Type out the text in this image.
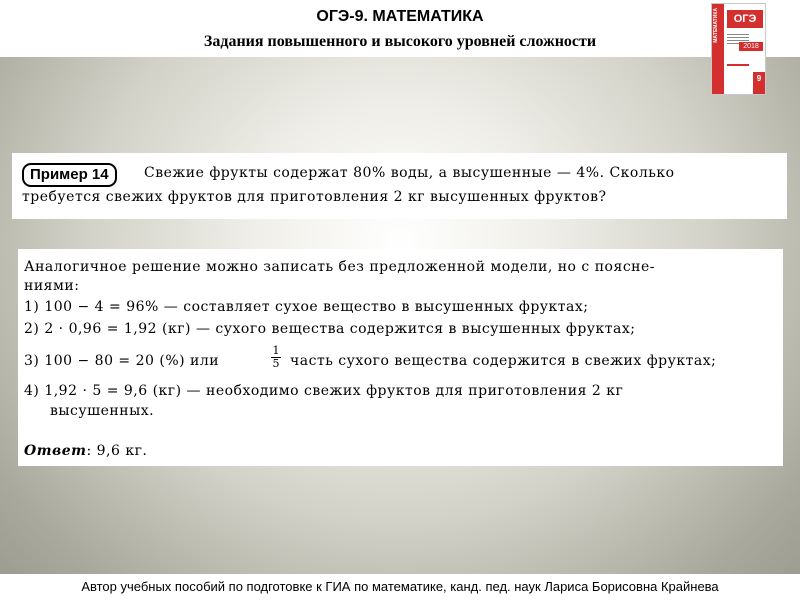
ОГЭ-9. МАТЕМАТИКА
Задания повышенного и высокого уровней сложности	МАТЕМАТИКА	ОГЭ
2018
9
Пример 14	Свежие фрукты содержат 80% воды, а высушенные — 4%. Сколько
требуется свежих фруктов для приготовления 2 кг высушенных фруктов?
Аналогичное решение можно записать без предложенной модели, но с поясне-
ниями:
1) 100 − 4 = 96% — составляет сухое вещество в высушенных фруктах;
2) 2 · 0,96 = 1,92 (кг) — сухого вещества содержится в высушенных фруктах;
3) 100 − 80 = 20 (%) или	$\frac{1}{5}$ часть сухого вещества содержится в свежих фруктах;
4) 1,92 · 5 = 9,6 (кг) — необходимо свежих фруктов для приготовления 2 кг
высушенных.
Ответ: 9,6 кг.
Автор учебных пособий по подготовке к ГИА по математике, канд. пед. наук Лариса Борисовна Крайнева
